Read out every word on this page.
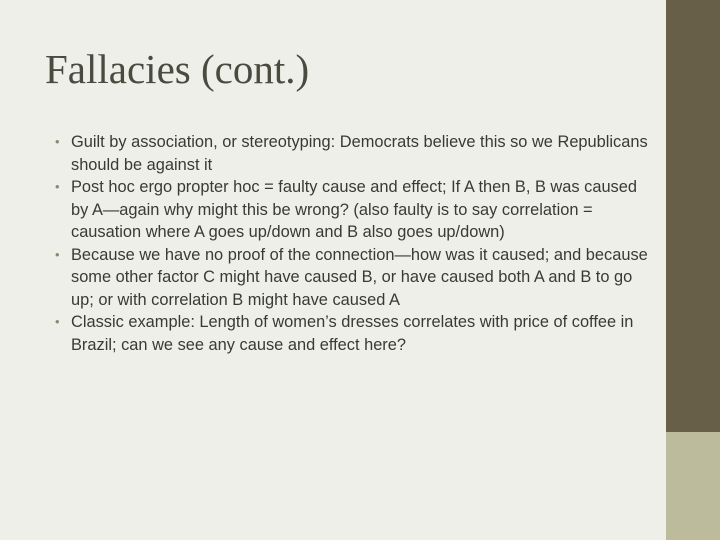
Fallacies (cont.)
• Guilt by association, or stereotyping: Democrats believe this so we Republicans should be against it
• Post hoc ergo propter hoc = faulty cause and effect; If A then B, B was caused by A—again why might this be wrong? (also faulty is to say correlation = causation where A goes up/down and B also goes up/down)
• Because we have no proof of the connection—how was it caused; and because some other factor C might have caused B, or have caused both A and B to go up; or with correlation B might have caused A
• Classic example: Length of women’s dresses correlates with price of coffee in Brazil; can we see any cause and effect here?
